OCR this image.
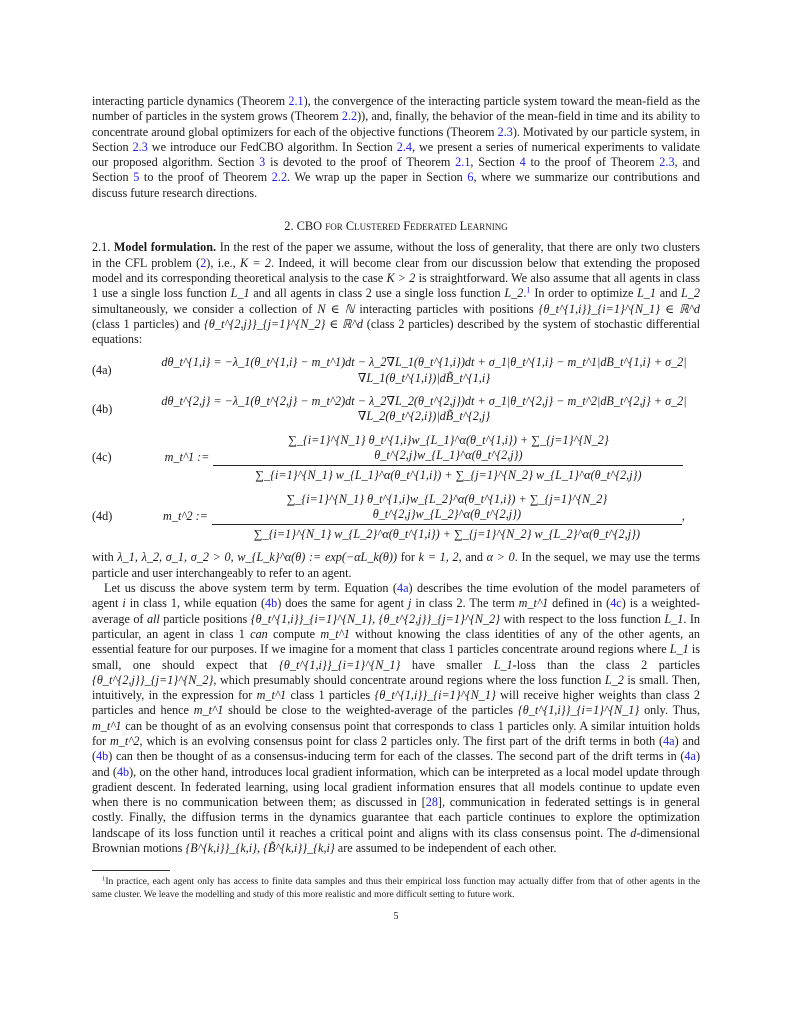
interacting particle dynamics (Theorem 2.1), the convergence of the interacting particle system toward the mean-field as the number of particles in the system grows (Theorem 2.2)), and, finally, the behavior of the mean-field in time and its ability to concentrate around global optimizers for each of the objective functions (Theorem 2.3). Motivated by our particle system, in Section 2.3 we introduce our FedCBO algorithm. In Section 2.4, we present a series of numerical experiments to validate our proposed algorithm. Section 3 is devoted to the proof of Theorem 2.1, Section 4 to the proof of Theorem 2.3, and Section 5 to the proof of Theorem 2.2. We wrap up the paper in Section 6, where we summarize our contributions and discuss future research directions.
2. CBO for Clustered Federated Learning
2.1. Model formulation. In the rest of the paper we assume, without the loss of generality, that there are only two clusters in the CFL problem (2), i.e., K = 2. Indeed, it will become clear from our discussion below that extending the proposed model and its corresponding theoretical analysis to the case K > 2 is straightforward. We also assume that all agents in class 1 use a single loss function L_1 and all agents in class 2 use a single loss function L_2.$^1$ In order to optimize L_1 and L_2 simultaneously, we consider a collection of N ∈ ℕ interacting particles with positions {θ_t^{1,i}}_{i=1}^{N_1} ∈ ℝ^d (class 1 particles) and {θ_t^{2,j}}_{j=1}^{N_2} ∈ ℝ^d (class 2 particles) described by the system of stochastic differential equations:
(4a)
dθ_t^{1,i} = −λ_1(θ_t^{1,i} − m_t^1)dt − λ_2∇L_1(θ_t^{1,i})dt + σ_1|θ_t^{1,i} − m_t^1|dB_t^{1,i} + σ_2|∇L_1(θ_t^{1,i})|dB̃_t^{1,i}
(4b)
dθ_t^{2,j} = −λ_1(θ_t^{2,j} − m_t^2)dt − λ_2∇L_2(θ_t^{2,j})dt + σ_1|θ_t^{2,j} − m_t^2|dB_t^{2,j} + σ_2|∇L_2(θ_t^{2,i})|dB̃_t^{2,j}
(4c)	m_t^1 :=
∑_{i=1}^{N_1} θ_t^{1,i}w_{L_1}^α(θ_t^{1,i}) + ∑_{j=1}^{N_2} θ_t^{2,j}w_{L_1}^α(θ_t^{2,j})
∑_{i=1}^{N_1} w_{L_1}^α(θ_t^{1,i}) + ∑_{j=1}^{N_2} w_{L_1}^α(θ_t^{2,j})
(4d)	m_t^2 :=
∑_{i=1}^{N_1} θ_t^{1,i}w_{L_2}^α(θ_t^{1,i}) + ∑_{j=1}^{N_2} θ_t^{2,j}w_{L_2}^α(θ_t^{2,j})
∑_{i=1}^{N_1} w_{L_2}^α(θ_t^{1,i}) + ∑_{j=1}^{N_2} w_{L_2}^α(θ_t^{2,j})
,
with λ_1, λ_2, σ_1, σ_2 > 0, w_{L_k}^α(θ) := exp(−αL_k(θ)) for k = 1, 2, and α > 0. In the sequel, we may use the terms particle and user interchangeably to refer to an agent.
Let us discuss the above system term by term. Equation (4a) describes the time evolution of the model parameters of agent i in class 1, while equation (4b) does the same for agent j in class 2. The term m_t^1 defined in (4c) is a weighted-average of all particle positions {θ_t^{1,i}}_{i=1}^{N_1}, {θ_t^{2,j}}_{j=1}^{N_2} with respect to the loss function L_1. In particular, an agent in class 1 can compute m_t^1 without knowing the class identities of any of the other agents, an essential feature for our purposes. If we imagine for a moment that class 1 particles concentrate around regions where L_1 is small, one should expect that {θ_t^{1,i}}_{i=1}^{N_1} have smaller L_1-loss than the class 2 particles {θ_t^{2,j}}_{j=1}^{N_2}, which presumably should concentrate around regions where the loss function L_2 is small. Then, intuitively, in the expression for m_t^1 class 1 particles {θ_t^{1,i}}_{i=1}^{N_1} will receive higher weights than class 2 particles and hence m_t^1 should be close to the weighted-average of the particles {θ_t^{1,i}}_{i=1}^{N_1} only. Thus, m_t^1 can be thought of as an evolving consensus point that corresponds to class 1 particles only. A similar intuition holds for m_t^2, which is an evolving consensus point for class 2 particles only. The first part of the drift terms in both (4a) and (4b) can then be thought of as a consensus-inducing term for each of the classes. The second part of the drift terms in (4a) and (4b), on the other hand, introduces local gradient information, which can be interpreted as a local model update through gradient descent. In federated learning, using local gradient information ensures that all models continue to update even when there is no communication between them; as discussed in [28], communication in federated settings is in general costly. Finally, the diffusion terms in the dynamics guarantee that each particle continues to explore the optimization landscape of its loss function until it reaches a critical point and aligns with its class consensus point. The d-dimensional Brownian motions {B^{k,i}}_{k,i}, {B̃^{k,i}}_{k,i} are assumed to be independent of each other.
$^1$In practice, each agent only has access to finite data samples and thus their empirical loss function may actually differ from that of other agents in the same cluster. We leave the modelling and study of this more realistic and more difficult setting to future work.
5
